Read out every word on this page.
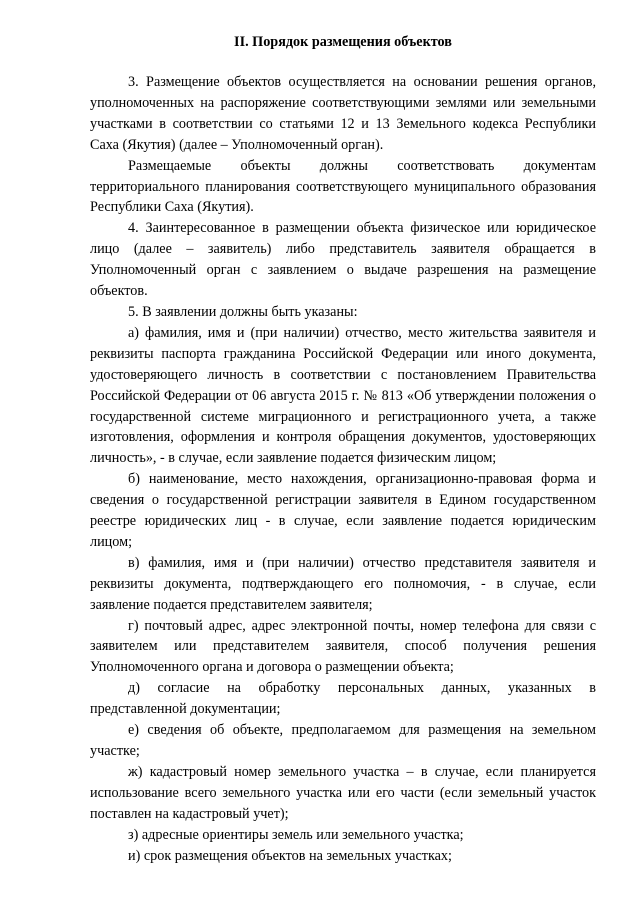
II. Порядок размещения объектов

3. Размещение объектов осуществляется на основании решения органов, уполномоченных на распоряжение соответствующими землями или земельными участками в соответствии со статьями 12 и 13 Земельного кодекса Республики Саха (Якутия) (далее – Уполномоченный орган).

Размещаемые объекты должны соответствовать документам территориального планирования соответствующего муниципального образования Республики Саха (Якутия).

4. Заинтересованное в размещении объекта физическое или юридическое лицо (далее – заявитель) либо представитель заявителя обращается в Уполномоченный орган с заявлением о выдаче разрешения на размещение объектов.

5. В заявлении должны быть указаны:

а) фамилия, имя и (при наличии) отчество, место жительства заявителя и реквизиты паспорта гражданина Российской Федерации или иного документа, удостоверяющего личность в соответствии с постановлением Правительства Российской Федерации от 06 августа 2015 г. № 813 «Об утверждении положения о государственной системе миграционного и регистрационного учета, а также изготовления, оформления и контроля обращения документов, удостоверяющих личность», - в случае, если заявление подается физическим лицом;

б) наименование, место нахождения, организационно-правовая форма и сведения о государственной регистрации заявителя в Едином государственном реестре юридических лиц - в случае, если заявление подается юридическим лицом;

в) фамилия, имя и (при наличии) отчество представителя заявителя и реквизиты документа, подтверждающего его полномочия, - в случае, если заявление подается представителем заявителя;

г) почтовый адрес, адрес электронной почты, номер телефона для связи с заявителем или представителем заявителя, способ получения решения Уполномоченного органа и договора о размещении объекта;

д) согласие на обработку персональных данных, указанных в представленной документации;

е) сведения об объекте, предполагаемом для размещения на земельном участке;

ж) кадастровый номер земельного участка – в случае, если планируется использование всего земельного участка или его части (если земельный участок поставлен на кадастровый учет);

з) адресные ориентиры земель или земельного участка;

и) срок размещения объектов на земельных участках;
